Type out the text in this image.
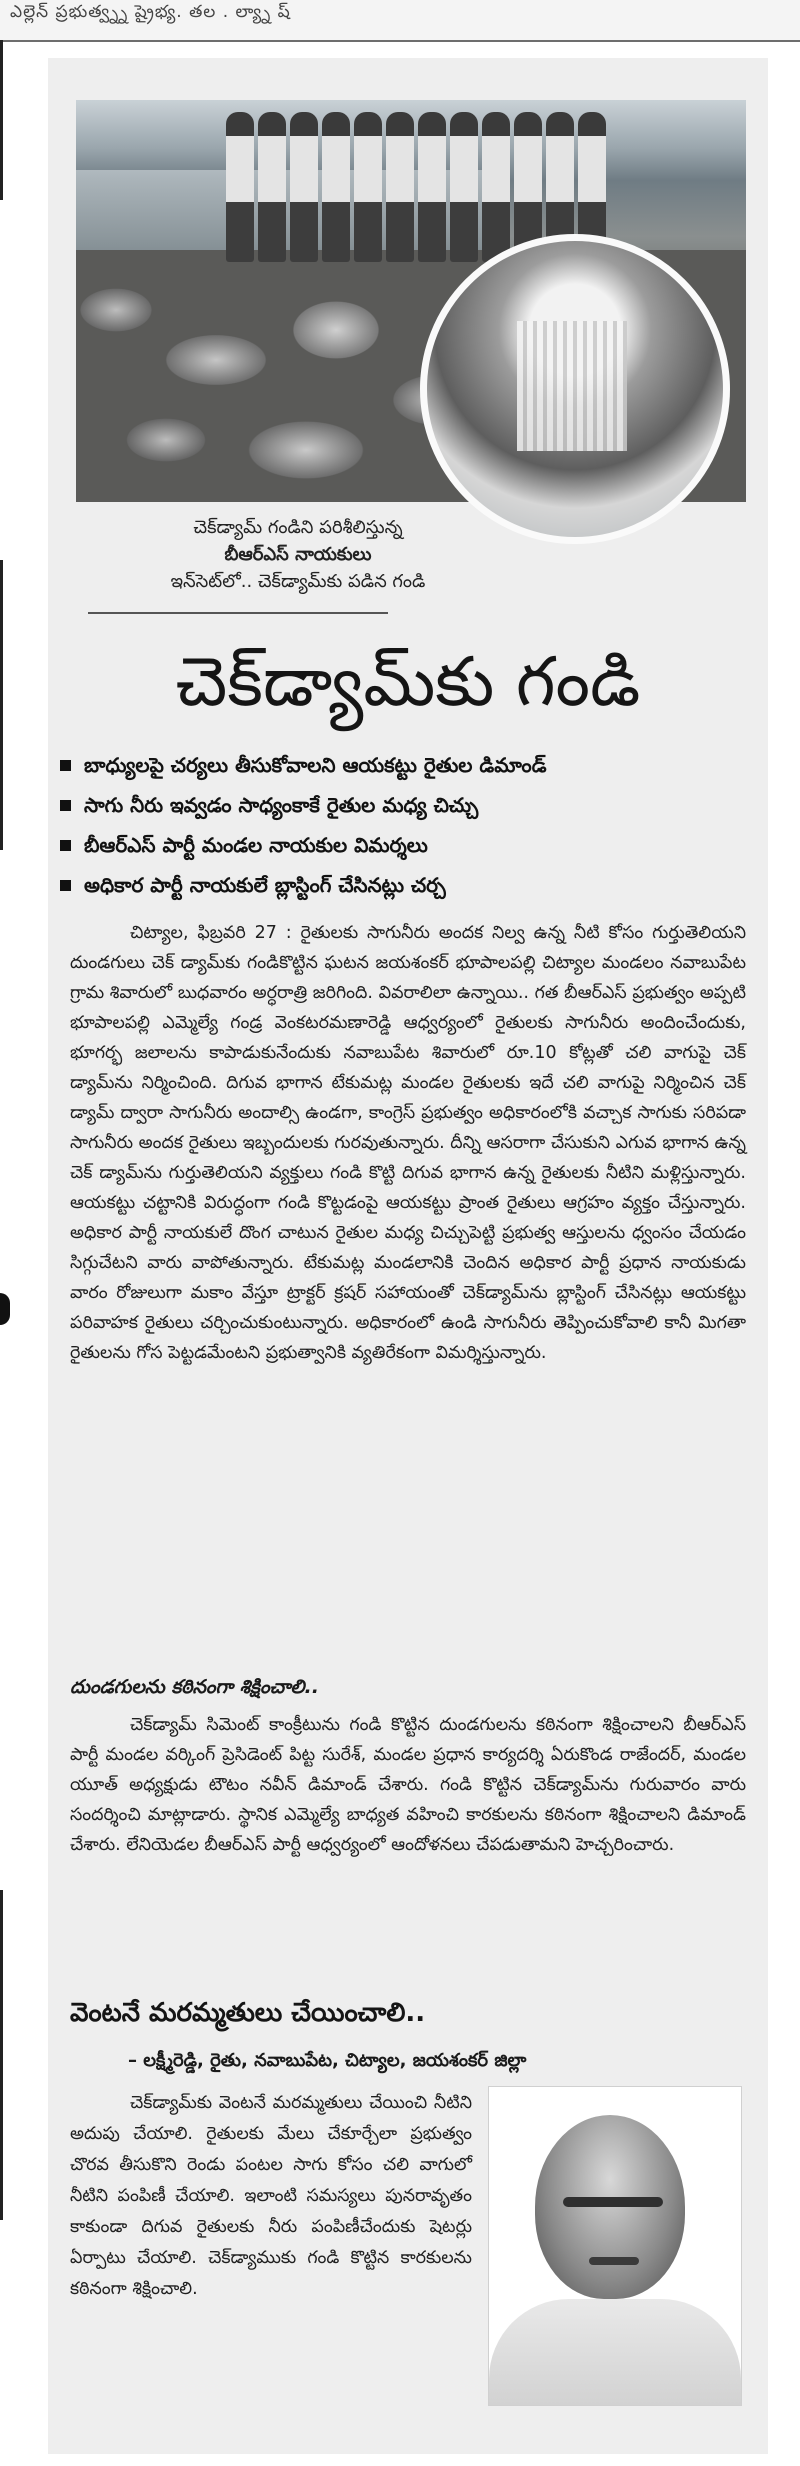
ఎల్లెన్ ప్రభుత్వ్న్న ష్రైభ్య. తల . ల్య్నా ష్
చెక్‌డ్యామ్ గండిని పరిశీలిస్తున్న
బీఆర్ఎస్ నాయకులు
ఇన్‌సెట్‌లో.. చెక్‌డ్యామ్‌కు పడిన గండి
చెక్‌డ్యామ్‌కు గండి
బాధ్యులపై చర్యలు తీసుకోవాలని ఆయకట్టు రైతుల డిమాండ్
సాగు నీరు ఇవ్వడం సాధ్యంకాకే రైతుల మధ్య చిచ్చు
బీఆర్ఎస్ పార్టీ మండల నాయకుల విమర్శలు
అధికార పార్టీ నాయకులే బ్లాస్టింగ్ చేసినట్లు చర్చ

చిట్యాల, ఫిబ్రవరి 27 : రైతులకు సాగునీరు అందక నిల్వ ఉన్న నీటి కోసం గుర్తుతెలియని దుండగులు చెక్ డ్యామ్‌కు గండికొట్టిన ఘటన జయశంకర్ భూపాలపల్లి చిట్యాల మండలం నవాబుపేట గ్రామ శివారులో బుధవారం అర్ధరాత్రి జరిగింది. వివరాలిలా ఉన్నాయి.. గత బీఆర్ఎస్ ప్రభుత్వం అప్పటి భూపాలపల్లి ఎమ్మెల్యే గండ్ర వెంకటరమణారెడ్డి ఆధ్వర్యంలో రైతులకు సాగునీరు అందించేందుకు, భూగర్భ జలాలను కాపాడుకునేందుకు నవాబుపేట శివారులో రూ.10 కోట్లతో చలి వాగుపై చెక్ డ్యామ్‌ను నిర్మించింది. దిగువ భాగాన టేకుమట్ల మండల రైతులకు ఇదే చలి వాగుపై నిర్మించిన చెక్ డ్యామ్ ద్వారా సాగునీరు అందాల్సి ఉండగా, కాంగ్రెస్ ప్రభుత్వం అధికారంలోకి వచ్చాక సాగుకు సరిపడా సాగునీరు అందక రైతులు ఇబ్బందులకు గురవుతున్నారు. దీన్ని ఆసరాగా చేసుకుని ఎగువ భాగాన ఉన్న చెక్ డ్యామ్‌ను గుర్తుతెలియని వ్యక్తులు గండి కొట్టి దిగువ భాగాన ఉన్న రైతులకు నీటిని మళ్లిస్తున్నారు. ఆయకట్టు చట్టానికి విరుద్ధంగా గండి కొట్టడంపై ఆయకట్టు ప్రాంత రైతులు ఆగ్రహం వ్యక్తం చేస్తున్నారు. అధికార పార్టీ నాయకులే దొంగ చాటున రైతుల మధ్య చిచ్చుపెట్టి ప్రభుత్వ ఆస్తులను ధ్వంసం చేయడం సిగ్గుచేటని వారు వాపోతున్నారు. టేకుమట్ల మండలానికి చెందిన అధికార పార్టీ ప్రధాన నాయకుడు వారం రోజులుగా మకాం వేస్తూ ట్రాక్టర్ క్రషర్ సహాయంతో చెక్‌డ్యామ్‌ను బ్లాస్టింగ్ చేసినట్లు ఆయకట్టు పరివాహక రైతులు చర్చించుకుంటున్నారు. అధికారంలో ఉండి సాగునీరు తెప్పించుకోవాలి కానీ మిగతా రైతులను గోస పెట్టడమేంటని ప్రభుత్వానికి వ్యతిరేకంగా విమర్శిస్తున్నారు.

దుండగులను కఠినంగా శిక్షించాలి..

చెక్‌డ్యామ్ సిమెంట్ కాంక్రీటును గండి కొట్టిన దుండగులను కఠినంగా శిక్షించాలని బీఆర్ఎస్ పార్టీ మండల వర్కింగ్ ప్రెసిడెంట్ పిట్ట సురేశ్, మండల ప్రధాన కార్యదర్శి ఏరుకొండ రాజేందర్, మండల యూత్ అధ్యక్షుడు టౌటం నవీన్ డిమాండ్ చేశారు. గండి కొట్టిన చెక్‌డ్యామ్‌ను గురువారం వారు సందర్శించి మాట్లాడారు. స్థానిక ఎమ్మెల్యే బాధ్యత వహించి కారకులను కఠినంగా శిక్షించాలని డిమాండ్ చేశారు. లేనియెడల బీఆర్ఎస్ పార్టీ ఆధ్వర్యంలో ఆందోళనలు చేపడుతామని హెచ్చరించారు.

వెంటనే మరమ్మతులు చేయించాలి..
– లక్ష్మీరెడ్డి, రైతు, నవాబుపేట, చిట్యాల, జయశంకర్ జిల్లా

చెక్‌డ్యామ్‌కు వెంటనే మరమ్మతులు చేయించి నీటిని అదుపు చేయాలి. రైతులకు మేలు చేకూర్చేలా ప్రభుత్వం చొరవ తీసుకొని రెండు పంటల సాగు కోసం చలి వాగులో నీటిని పంపిణీ చేయాలి. ఇలాంటి సమస్యలు పునరావృతం కాకుండా దిగువ రైతులకు నీరు పంపిణీచేందుకు షెటర్లు ఏర్పాటు చేయాలి. చెక్‌డ్యాముకు గండి కొట్టిన కారకులను కఠినంగా శిక్షించాలి.
